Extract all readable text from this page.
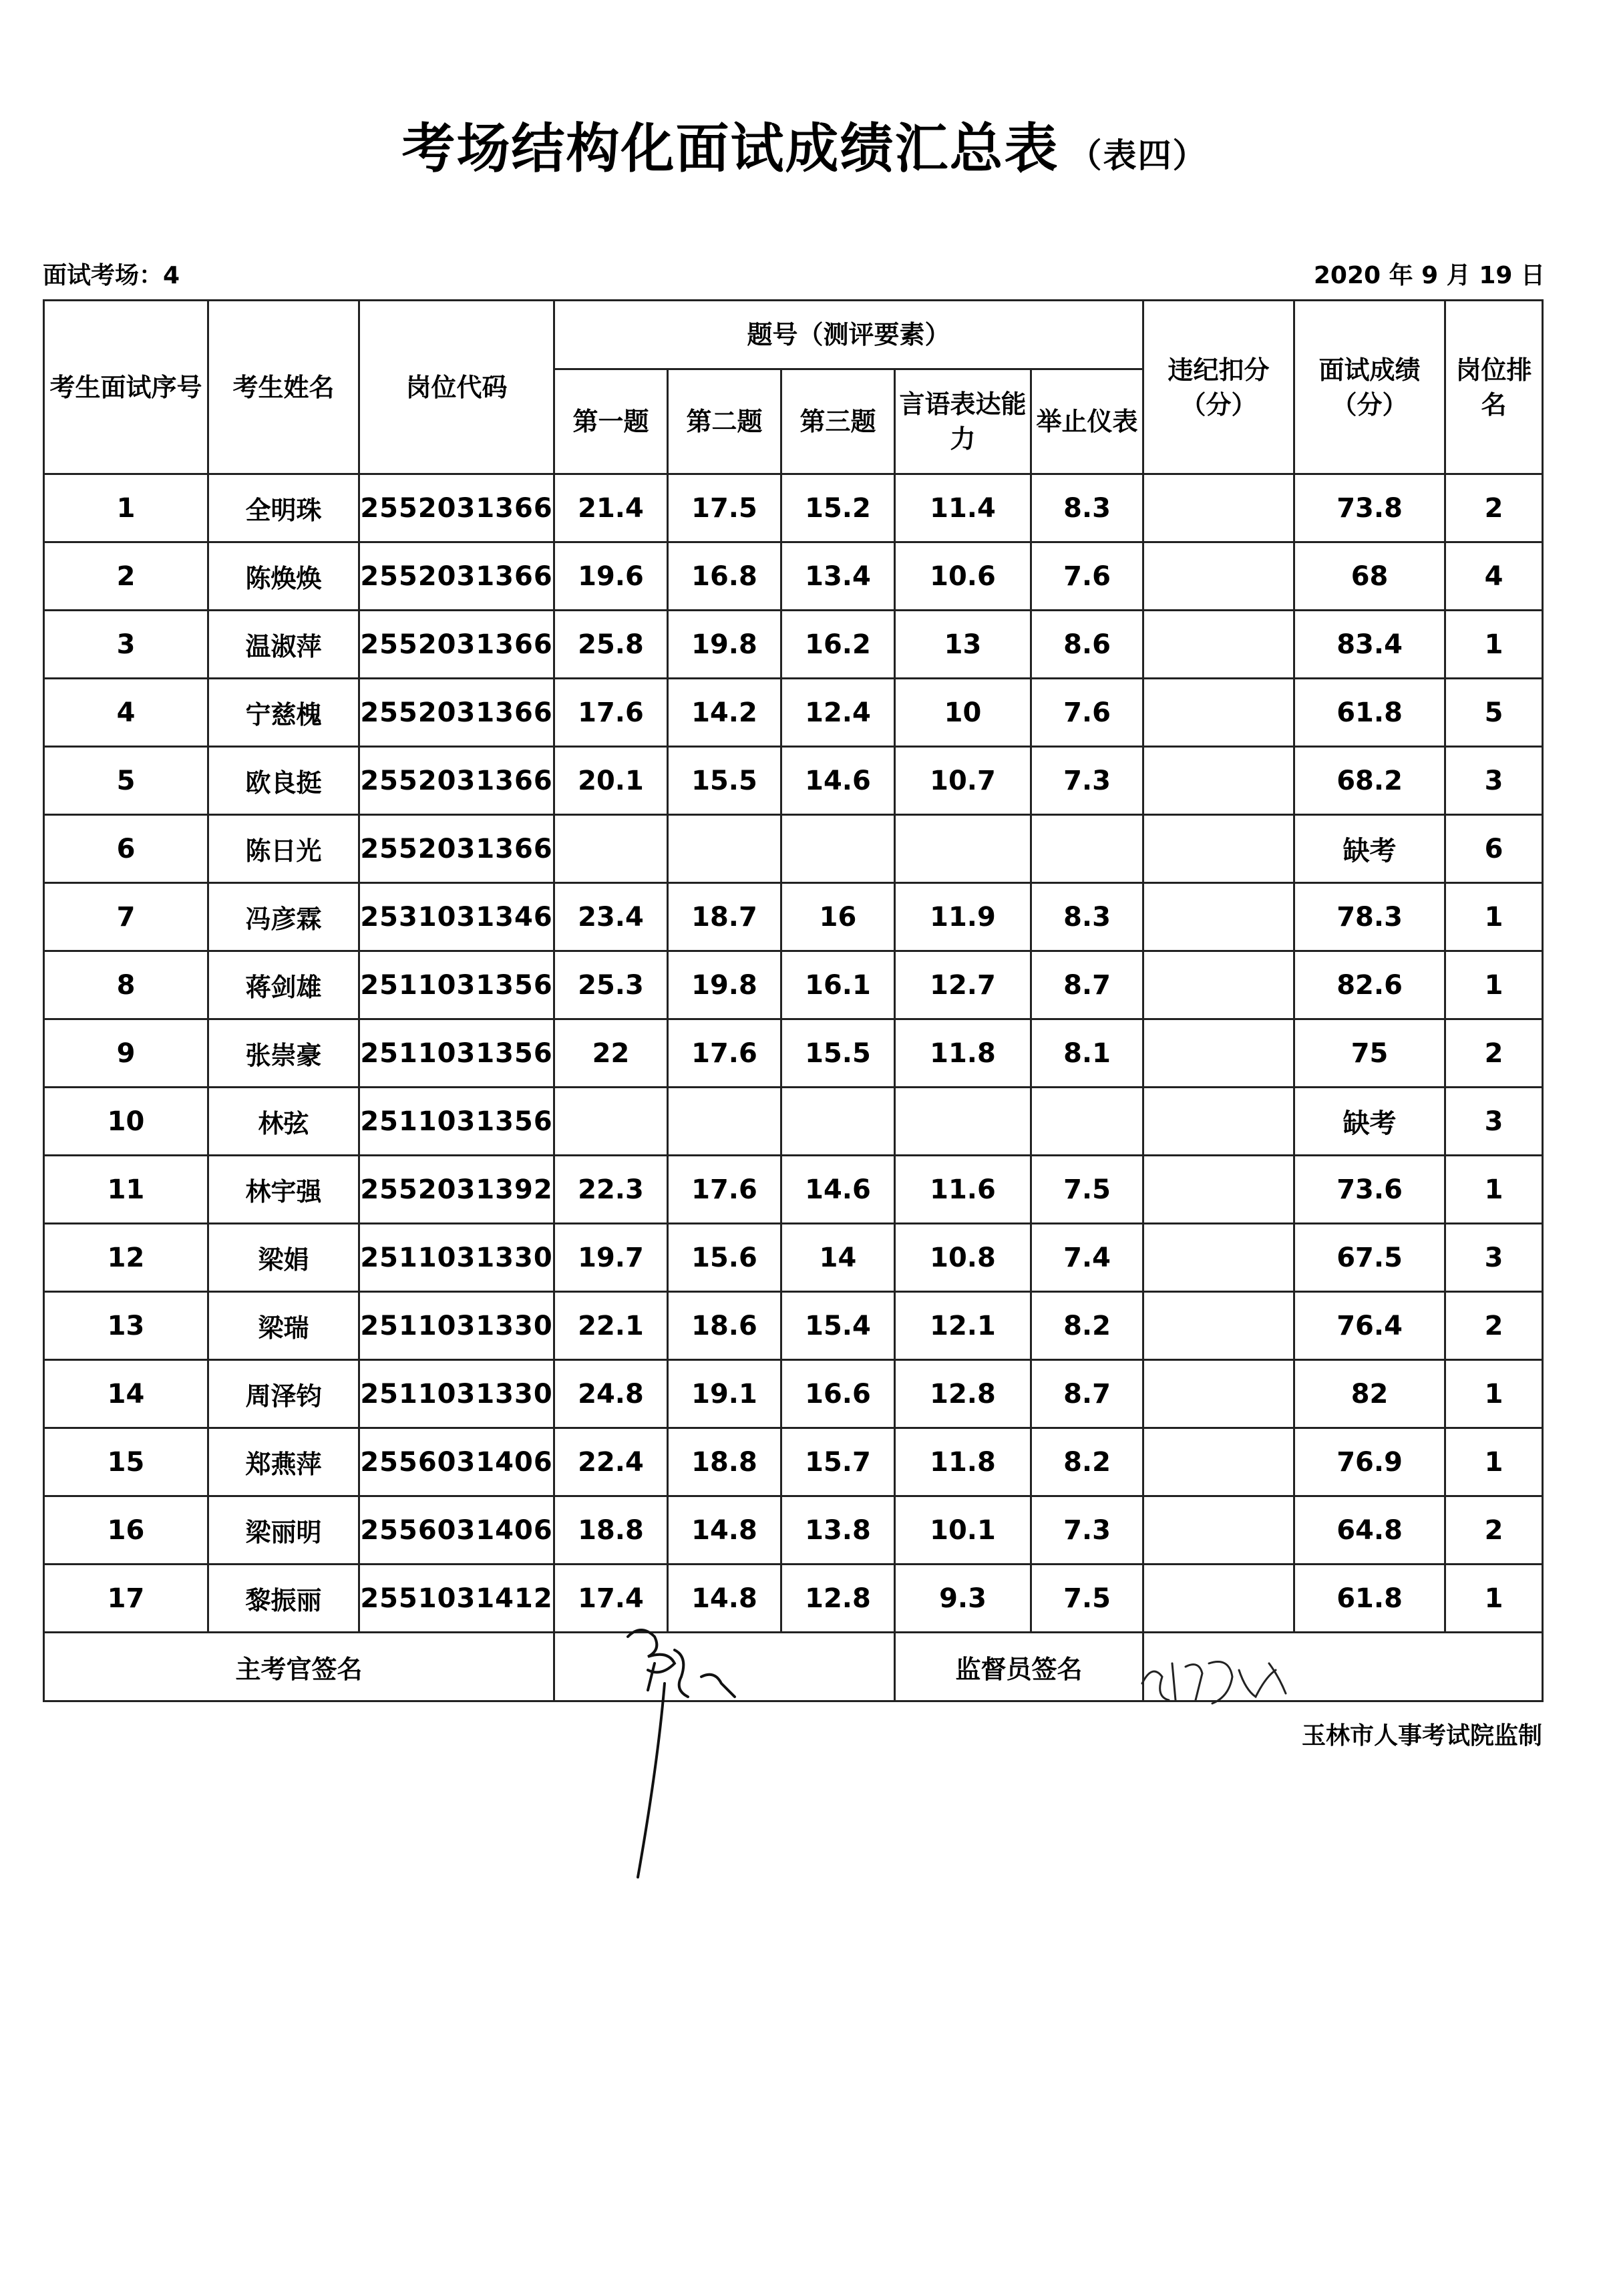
考场结构化面试成绩汇总表 （表四）
面试考场：4	2020 年 9 月 19 日
考生面试序号	考生姓名	岗位代码	题号（测评要素）					违纪扣分（分）	面试成绩（分）	岗位排名
			第一题	第二题	第三题	言语表达能力	举止仪表			
1	全明珠	2552031366	21.4	17.5	15.2	11.4	8.3		73.8	2
2	陈焕焕	2552031366	19.6	16.8	13.4	10.6	7.6		68	4
3	温淑萍	2552031366	25.8	19.8	16.2	13	8.6		83.4	1
4	宁慈槐	2552031366	17.6	14.2	12.4	10	7.6		61.8	5
5	欧良挺	2552031366	20.1	15.5	14.6	10.7	7.3		68.2	3
6	陈日光	2552031366							缺考	6
7	冯彦霖	2531031346	23.4	18.7	16	11.9	8.3		78.3	1
8	蒋剑雄	2511031356	25.3	19.8	16.1	12.7	8.7		82.6	1
9	张崇豪	2511031356	22	17.6	15.5	11.8	8.1		75	2
10	林弦	2511031356							缺考	3
11	林宇强	2552031392	22.3	17.6	14.6	11.6	7.5		73.6	1
12	梁娟	2511031330	19.7	15.6	14	10.8	7.4		67.5	3
13	梁瑞	2511031330	22.1	18.6	15.4	12.1	8.2		76.4	2
14	周泽钧	2511031330	24.8	19.1	16.6	12.8	8.7		82	1
15	郑燕萍	2556031406	22.4	18.8	15.7	11.8	8.2		76.9	1
16	梁丽明	2556031406	18.8	14.8	13.8	10.1	7.3		64.8	2
17	黎振丽	2551031412	17.4	14.8	12.8	9.3	7.5		61.8	1
主考官签名						监督员签名				
玉林市人事考试院监制
